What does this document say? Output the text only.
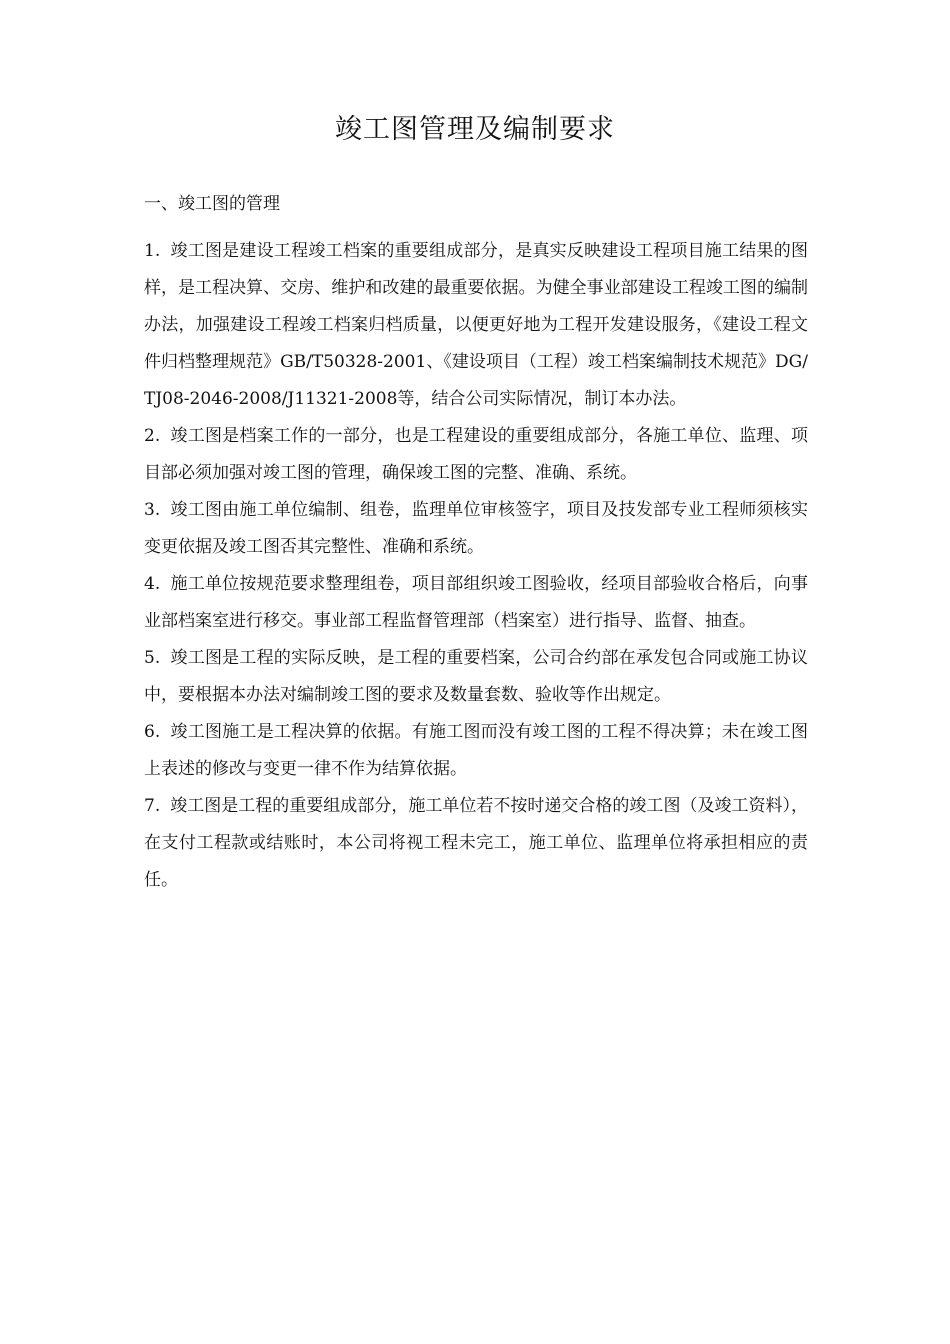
竣工图管理及编制要求

一、竣工图的管理

1. 竣工图是建设工程竣工档案的重要组成部分，是真实反映建设工程项目施工结果的图样，是工程决算、交房、维护和改建的最重要依据。为健全事业部建设工程竣工图的编制办法，加强建设工程竣工档案归档质量，以便更好地为工程开发建设服务，《建设工程文件归档整理规范》GB/T50328-2001、《建设项目（工程）竣工档案编制技术规范》DG/TJ08-2046-2008/J11321-2008等，结合公司实际情况，制订本办法。

2. 竣工图是档案工作的一部分，也是工程建设的重要组成部分，各施工单位、监理、项目部必须加强对竣工图的管理，确保竣工图的完整、准确、系统。

3. 竣工图由施工单位编制、组卷，监理单位审核签字，项目及技发部专业工程师须核实变更依据及竣工图否其完整性、准确和系统。

4. 施工单位按规范要求整理组卷，项目部组织竣工图验收，经项目部验收合格后，向事业部档案室进行移交。事业部工程监督管理部（档案室）进行指导、监督、抽查。

5. 竣工图是工程的实际反映，是工程的重要档案，公司合约部在承发包合同或施工协议中，要根据本办法对编制竣工图的要求及数量套数、验收等作出规定。

6. 竣工图施工是工程决算的依据。有施工图而没有竣工图的工程不得决算；未在竣工图上表述的修改与变更一律不作为结算依据。

7. 竣工图是工程的重要组成部分，施工单位若不按时递交合格的竣工图（及竣工资料），在支付工程款或结账时，本公司将视工程未完工，施工单位、监理单位将承担相应的责任。
